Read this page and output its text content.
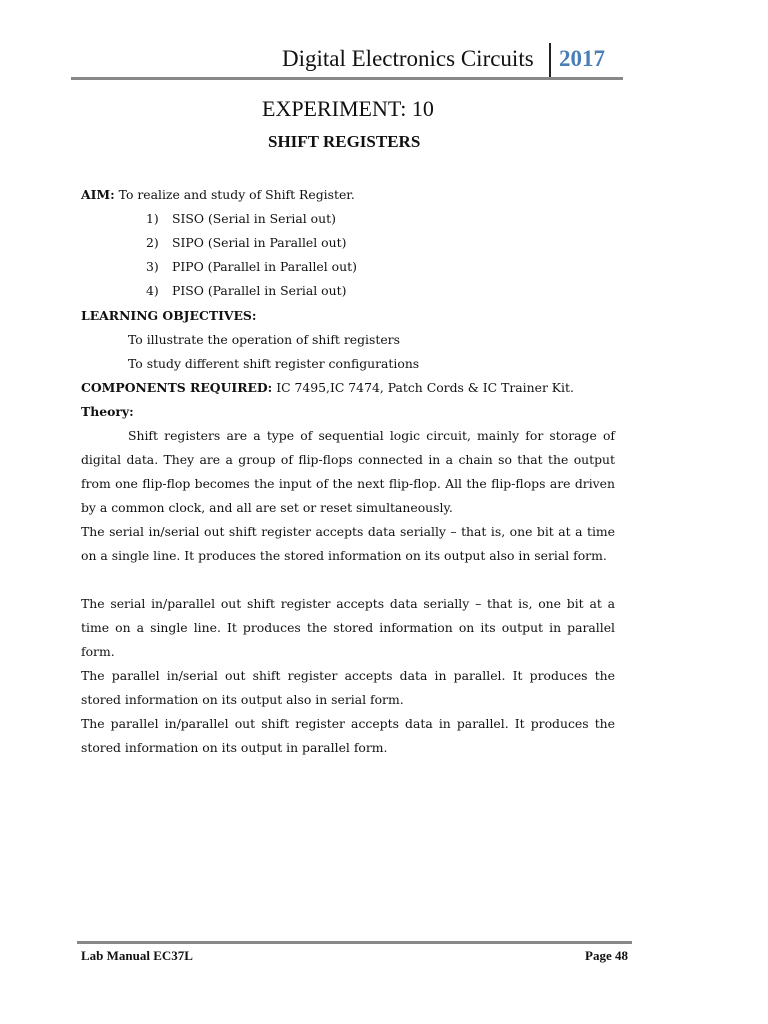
Digital Electronics Circuits 2017
EXPERIMENT: 10
SHIFT REGISTERS
AIM: To realize and study of Shift Register.
1) SISO (Serial in Serial out)
2) SIPO (Serial in Parallel out)
3) PIPO (Parallel in Parallel out)
4) PISO (Parallel in Serial out)
LEARNING OBJECTIVES:
To illustrate the operation of shift registers
To study different shift register configurations
COMPONENTS REQUIRED: IC 7495,IC 7474, Patch Cords & IC Trainer Kit.
Theory:
Shift registers are a type of sequential logic circuit, mainly for storage of digital data. They are a group of flip-flops connected in a chain so that the output from one flip-flop becomes the input of the next flip-flop. All the flip-flops are driven by a common clock, and all are set or reset simultaneously.
The serial in/serial out shift register accepts data serially – that is, one bit at a time on a single line. It produces the stored information on its output also in serial form.
The serial in/parallel out shift register accepts data serially – that is, one bit at a time on a single line. It produces the stored information on its output in parallel form.
The parallel in/serial out shift register accepts data in parallel. It produces the stored information on its output also in serial form.
The parallel in/parallel out shift register accepts data in parallel. It produces the stored information on its output in parallel form.
Lab Manual EC37L	Page 48
